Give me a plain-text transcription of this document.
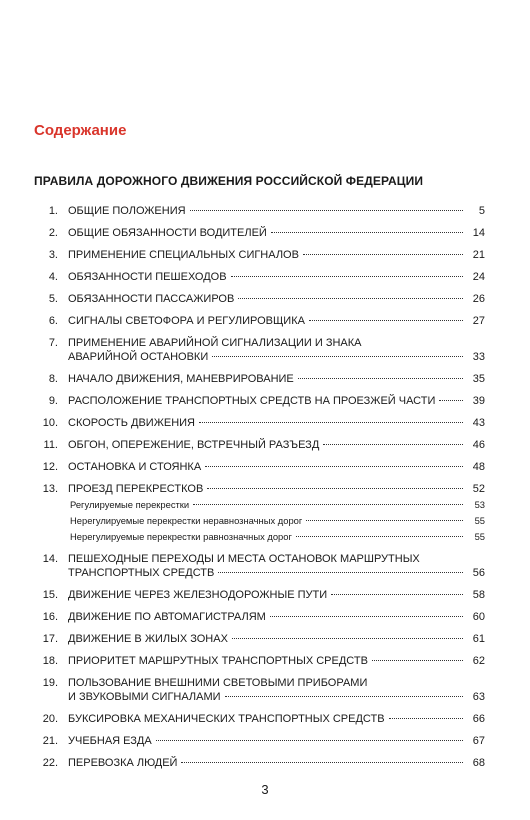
Содержание
ПРАВИЛА ДОРОЖНОГО ДВИЖЕНИЯ РОССИЙСКОЙ ФЕДЕРАЦИИ
1. ОБЩИЕ ПОЛОЖЕНИЯ	5
2. ОБЩИЕ ОБЯЗАННОСТИ ВОДИТЕЛЕЙ	14
3. ПРИМЕНЕНИЕ СПЕЦИАЛЬНЫХ СИГНАЛОВ	21
4. ОБЯЗАННОСТИ ПЕШЕХОДОВ	24
5. ОБЯЗАННОСТИ ПАССАЖИРОВ	26
6. СИГНАЛЫ СВЕТОФОРА И РЕГУЛИРОВЩИКА	27
7. ПРИМЕНЕНИЕ АВАРИЙНОЙ СИГНАЛИЗАЦИИ И ЗНАКА
АВАРИЙНОЙ ОСТАНОВКИ	33
8. НАЧАЛО ДВИЖЕНИЯ, МАНЕВРИРОВАНИЕ	35
9. РАСПОЛОЖЕНИЕ ТРАНСПОРТНЫХ СРЕДСТВ НА ПРОЕЗЖЕЙ ЧАСТИ	39
10. СКОРОСТЬ ДВИЖЕНИЯ	43
11. ОБГОН, ОПЕРЕЖЕНИЕ, ВСТРЕЧНЫЙ РАЗЪЕЗД	46
12. ОСТАНОВКА И СТОЯНКА	48
13. ПРОЕЗД ПЕРЕКРЕСТКОВ	52
Регулируемые перекрестки	53
Нерегулируемые перекрестки неравнозначных дорог	55
Нерегулируемые перекрестки равнозначных дорог	55
14. ПЕШЕХОДНЫЕ ПЕРЕХОДЫ И МЕСТА ОСТАНОВОК МАРШРУТНЫХ
ТРАНСПОРТНЫХ СРЕДСТВ	56
15. ДВИЖЕНИЕ ЧЕРЕЗ ЖЕЛЕЗНОДОРОЖНЫЕ ПУТИ	58
16. ДВИЖЕНИЕ ПО АВТОМАГИСТРАЛЯМ	60
17. ДВИЖЕНИЕ В ЖИЛЫХ ЗОНАХ	61
18. ПРИОРИТЕТ МАРШРУТНЫХ ТРАНСПОРТНЫХ СРЕДСТВ	62
19. ПОЛЬЗОВАНИЕ ВНЕШНИМИ СВЕТОВЫМИ ПРИБОРАМИ
И ЗВУКОВЫМИ СИГНАЛАМИ	63
20. БУКСИРОВКА МЕХАНИЧЕСКИХ ТРАНСПОРТНЫХ СРЕДСТВ	66
21. УЧЕБНАЯ ЕЗДА	67
22. ПЕРЕВОЗКА ЛЮДЕЙ	68
3
